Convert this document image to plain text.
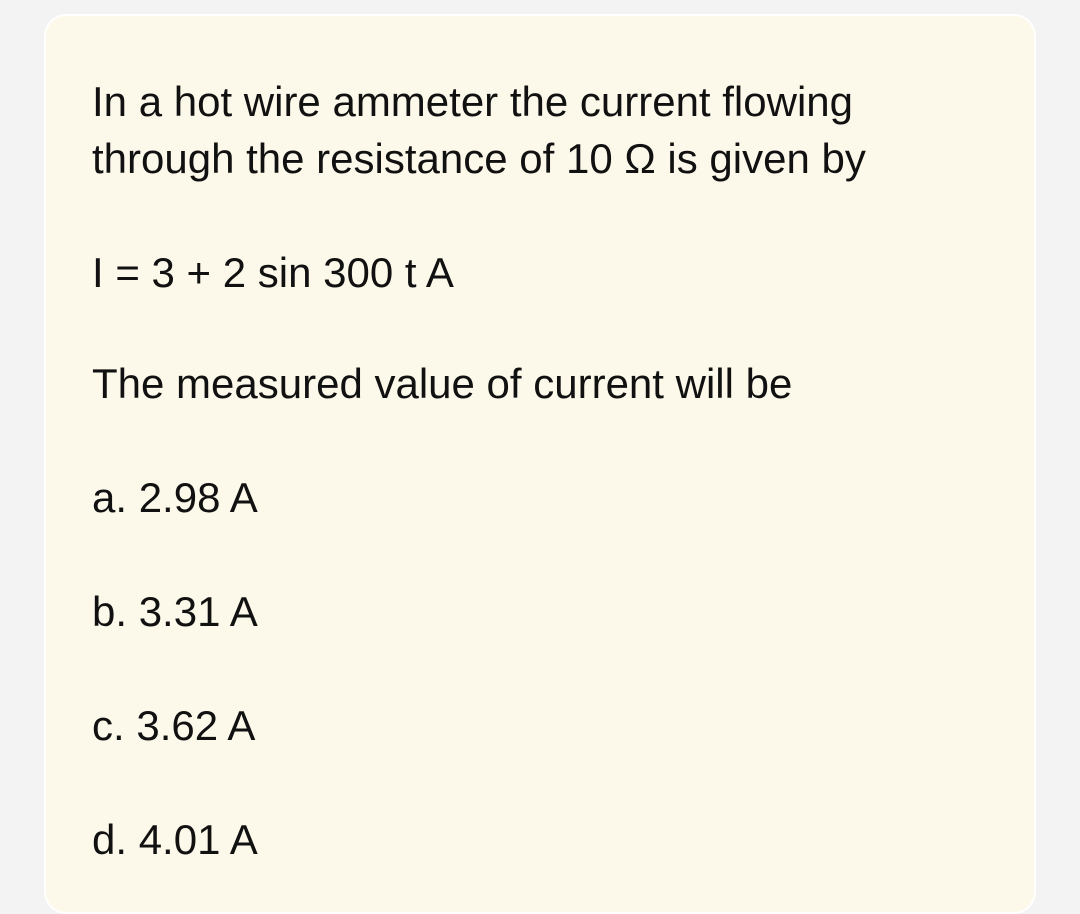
In a hot wire ammeter the current flowing

through the resistance of 10 Ω is given by

I = 3 + 2 sin 300 t A

The measured value of current will be

a. 2.98 A

b. 3.31 A

c. 3.62 A

d. 4.01 A
